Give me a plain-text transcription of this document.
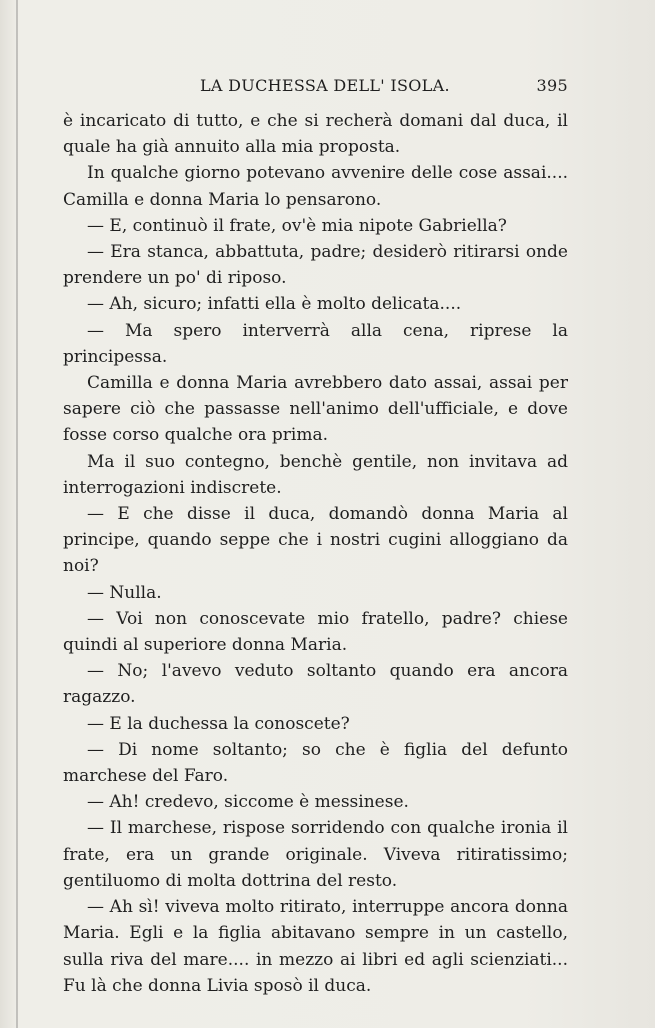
LA DUCHESSA DELL' ISOLA.	395

è incaricato di tutto, e che si recherà domani dal duca, il quale ha già annuito alla mia proposta.

In qualche giorno potevano avvenire delle cose assai.... Camilla e donna Maria lo pensarono.

— E, continuò il frate, ov'è mia nipote Gabriella?

— Era stanca, abbattuta, padre; desiderò ritirarsi onde prendere un po' di riposo.

— Ah, sicuro; infatti ella è molto delicata....

— Ma spero interverrà alla cena, riprese la principessa.

Camilla e donna Maria avrebbero dato assai, assai per sapere ciò che passasse nell'animo dell'ufficiale, e dove fosse corso qualche ora prima.

Ma il suo contegno, benchè gentile, non invitava ad interrogazioni indiscrete.

— E che disse il duca, domandò donna Maria al principe, quando seppe che i nostri cugini alloggiano da noi?

— Nulla.

— Voi non conoscevate mio fratello, padre? chiese quindi al superiore donna Maria.

— No; l'avevo veduto soltanto quando era ancora ragazzo.

— E la duchessa la conoscete?

— Di nome soltanto; so che è figlia del defunto marchese del Faro.

— Ah! credevo, siccome è messinese.

— Il marchese, rispose sorridendo con qualche ironia il frate, era un grande originale. Viveva ritiratissimo; gentiluomo di molta dottrina del resto.

— Ah sì! viveva molto ritirato, interruppe ancora donna Maria. Egli e la figlia abitavano sempre in un castello, sulla riva del mare.... in mezzo ai libri ed agli scienziati... Fu là che donna Livia sposò il duca.
